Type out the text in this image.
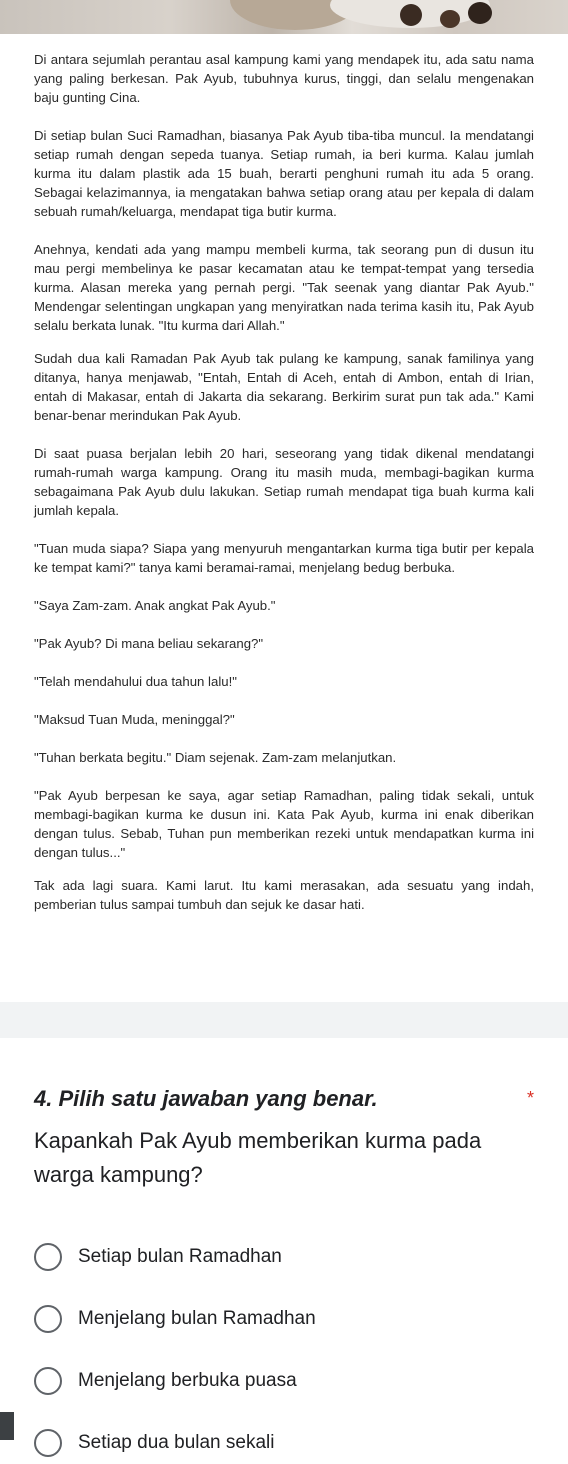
Di antara sejumlah perantau asal kampung kami yang mendapek itu, ada satu nama yang paling berkesan. Pak Ayub, tubuhnya kurus, tinggi, dan selalu mengenakan baju gunting Cina.

Di setiap bulan Suci Ramadhan, biasanya Pak Ayub tiba-tiba muncul. Ia mendatangi setiap rumah dengan sepeda tuanya. Setiap rumah, ia beri kurma. Kalau jumlah kurma itu dalam plastik ada 15 buah, berarti penghuni rumah itu ada 5 orang. Sebagai kelazimannya, ia mengatakan bahwa setiap orang atau per kepala di dalam sebuah rumah/keluarga, mendapat tiga butir kurma.

Anehnya, kendati ada yang mampu membeli kurma, tak seorang pun di dusun itu mau pergi membelinya ke pasar kecamatan atau ke tempat-tempat yang tersedia kurma. Alasan mereka yang pernah pergi. "Tak seenak yang diantar Pak Ayub." Mendengar selentingan ungkapan yang menyiratkan nada terima kasih itu, Pak Ayub selalu berkata lunak. "Itu kurma dari Allah."

Sudah dua kali Ramadan Pak Ayub tak pulang ke kampung, sanak familinya yang ditanya, hanya menjawab, "Entah, Entah di Aceh, entah di Ambon, entah di Irian, entah di Makasar, entah di Jakarta dia sekarang. Berkirim surat pun tak ada." Kami benar-benar merindukan Pak Ayub.

Di saat puasa berjalan lebih 20 hari, seseorang yang tidak dikenal mendatangi rumah-rumah warga kampung. Orang itu masih muda, membagi-bagikan kurma sebagaimana Pak Ayub dulu lakukan. Setiap rumah mendapat tiga buah kurma kali jumlah kepala.

"Tuan muda siapa? Siapa yang menyuruh mengantarkan kurma tiga butir per kepala ke tempat kami?" tanya kami beramai-ramai, menjelang bedug berbuka.

"Saya Zam-zam. Anak angkat Pak Ayub."

"Pak Ayub? Di mana beliau sekarang?"

"Telah mendahului dua tahun lalu!"

"Maksud Tuan Muda, meninggal?"

"Tuhan berkata begitu." Diam sejenak. Zam-zam melanjutkan.

"Pak Ayub berpesan ke saya, agar setiap Ramadhan, paling tidak sekali, untuk membagi-bagikan kurma ke dusun ini. Kata Pak Ayub, kurma ini enak diberikan dengan tulus. Sebab, Tuhan pun memberikan rezeki untuk mendapatkan kurma ini dengan tulus..."

Tak ada lagi suara. Kami larut. Itu kami merasakan, ada sesuatu yang indah, pemberian tulus sampai tumbuh dan sejuk ke dasar hati.

4. Pilih satu jawaban yang benar.	*
Kapankah Pak Ayub memberikan kurma pada warga kampung?
Setiap bulan Ramadhan
Menjelang bulan Ramadhan
Menjelang berbuka puasa
Setiap dua bulan sekali
